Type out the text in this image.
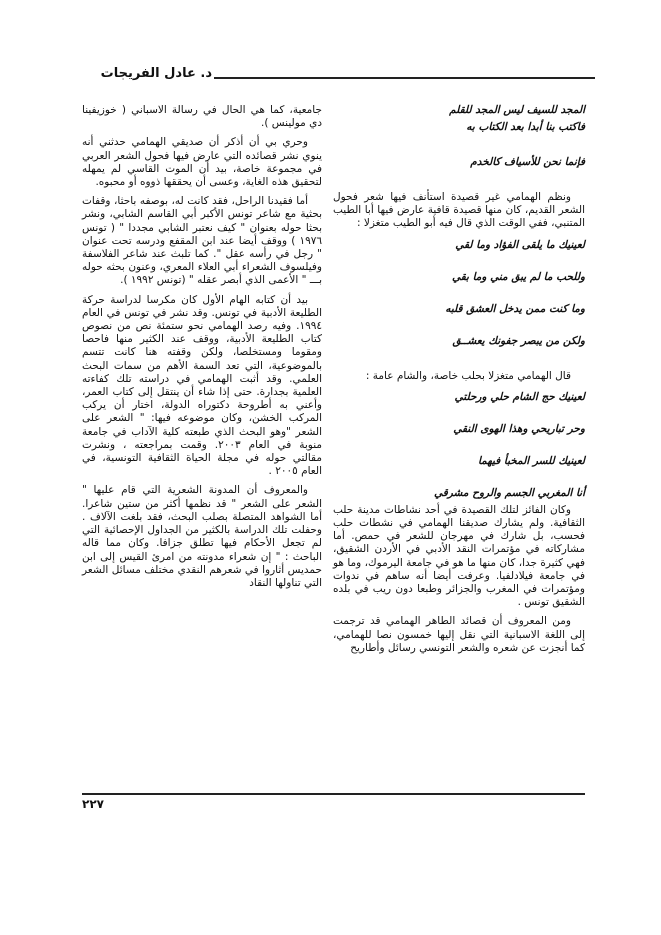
د. عادل الفريجات
المجد للسيف ليس المجد للقلم
فاكتب بنا أبدا بعد الكتاب به
فإنما نحن للأسياف كالخدم

ونظم الهمامي غير قصيدة استأنف فيها شعر فحول الشعر القديم، كان منها قصيدة قافية عارض فيها أبا الطيب المتنبي، ففي الوقت الذي قال فيه أبو الطيب متغزلا :

لعينيك ما يلقى الفؤاد وما لقي
وللحب ما لم يبق مني وما بقي
وما كنت ممن يدخل العشق قلبه
ولكن من يبصر جفونك يعشــق

قال الهمامي متغزلا بحلب خاصة، والشام عامة :

لعينيك حج الشام حلي ورحلتي
وحر تباريحي وهذا الهوى النقي
لعينيك للسر المخبأ فيهما
أنا المغربي الجسم والروح مشرقي

وكان الفائز لتلك القصيدة في أحد نشاطات مدينة حلب الثقافية. ولم يشارك صديقنا الهمامي في نشطات حلب فحسب، بل شارك في مهرجان للشعر في حمص. أما مشاركاته في مؤتمرات النقد الأدبي في الأردن الشقيق، فهي كثيرة جدا، كان منها ما هو في جامعة اليرموك، وما هو في جامعة فيلادلفيا. وعرفت أيضا أنه ساهم في ندوات ومؤتمرات في المغرب والجزائر وطبعا دون ريب في بلده الشقيق تونس .

ومن المعروف أن قصائد الطاهر الهمامي قد ترجمت إلى اللغة الاسبانية التي نقل إليها خمسون نصا للهمامي، كما أنجزت عن شعره والشعر التونسي رسائل وأطاريح

جامعية، كما هي الحال في رسالة الاسباني ( خوزيفينا دي مولينس ).

وحري بي أن أذكر أن صديقي الهمامي حدثني أنه ينوي نشر قصائده التي عارض فيها فحول الشعر العربي في مجموعة خاصة، بيد أن الموت القاسي لم يمهله لتحقيق هذه الغاية، وعسى أن يحققها ذووه أو محبوه.

أما فقيدنا الراحل، فقد كانت له، بوصفه باحثا، وقفات بحثية مع شاعر تونس الأكبر أبي القاسم الشابي، ونشر بحثا حوله بعنوان " كيف نعتبر الشابي مجددا " ( تونس ١٩٧٦ ) ووقف أيضا عند ابن المقفع ودرسه تحت عنوان " رجل في رأسه عقل ". كما تلبث عند شاعر الفلاسفة وفيلسوف الشعراء أبي العلاء المعري، وعنون بحثه حوله بـــ " الأعمى الذي أبصر عقله " (تونس ١٩٩٢ ).

بيد أن كتابه الهام الأول كان مكرسا لدراسة حركة الطليعة الأدبية في تونس. وقد نشر في تونس في العام ١٩٩٤. وفيه رصد الهمامي نحو ستمئة نص من نصوص كتاب الطليعة الأدبية، ووقف عند الكثير منها فاحصا ومقوما ومستخلصا، ولكن وقفته هنا كانت تتسم بالموضوعية، التي تعد السمة الأهم من سمات البحث العلمي. وقد أثبت الهمامي في دراسته تلك كفاءته العلمية بجدارة. حتى إذا شاء أن ينتقل إلى كتاب العمر، وأعني به أطروحة دكتوراه الدولة، اختار أن يركب المركب الخشن، وكان موضوعه فيها: " الشعر على الشعر "وهو البحث الذي طبعته كلية الآداب في جامعة منوبة في العام ٢٠٠٣. وقمت بمراجعته ، ونشرت مقالتي حوله في مجلة الحياة الثقافية التونسية، في العام ٢٠٠٥ .

والمعروف أن المدونة الشعرية التي قام عليها " الشعر على الشعر " قد نظمها أكثر من ستين شاعرا. أما الشواهد المتصلة بصلب البحث، فقد بلغت الآلاف . وحفلت تلك الدراسة بالكثير من الجداول الإحصائية التي لم تجعل الأحكام فيها تطلق جزافا. وكان مما قاله الباحث : " إن شعراء مدونته من امرئ القيس إلى ابن حمديس أثاروا في شعرهم النقدي مختلف مسائل الشعر التي تناولها النقاد

٢٢٧
